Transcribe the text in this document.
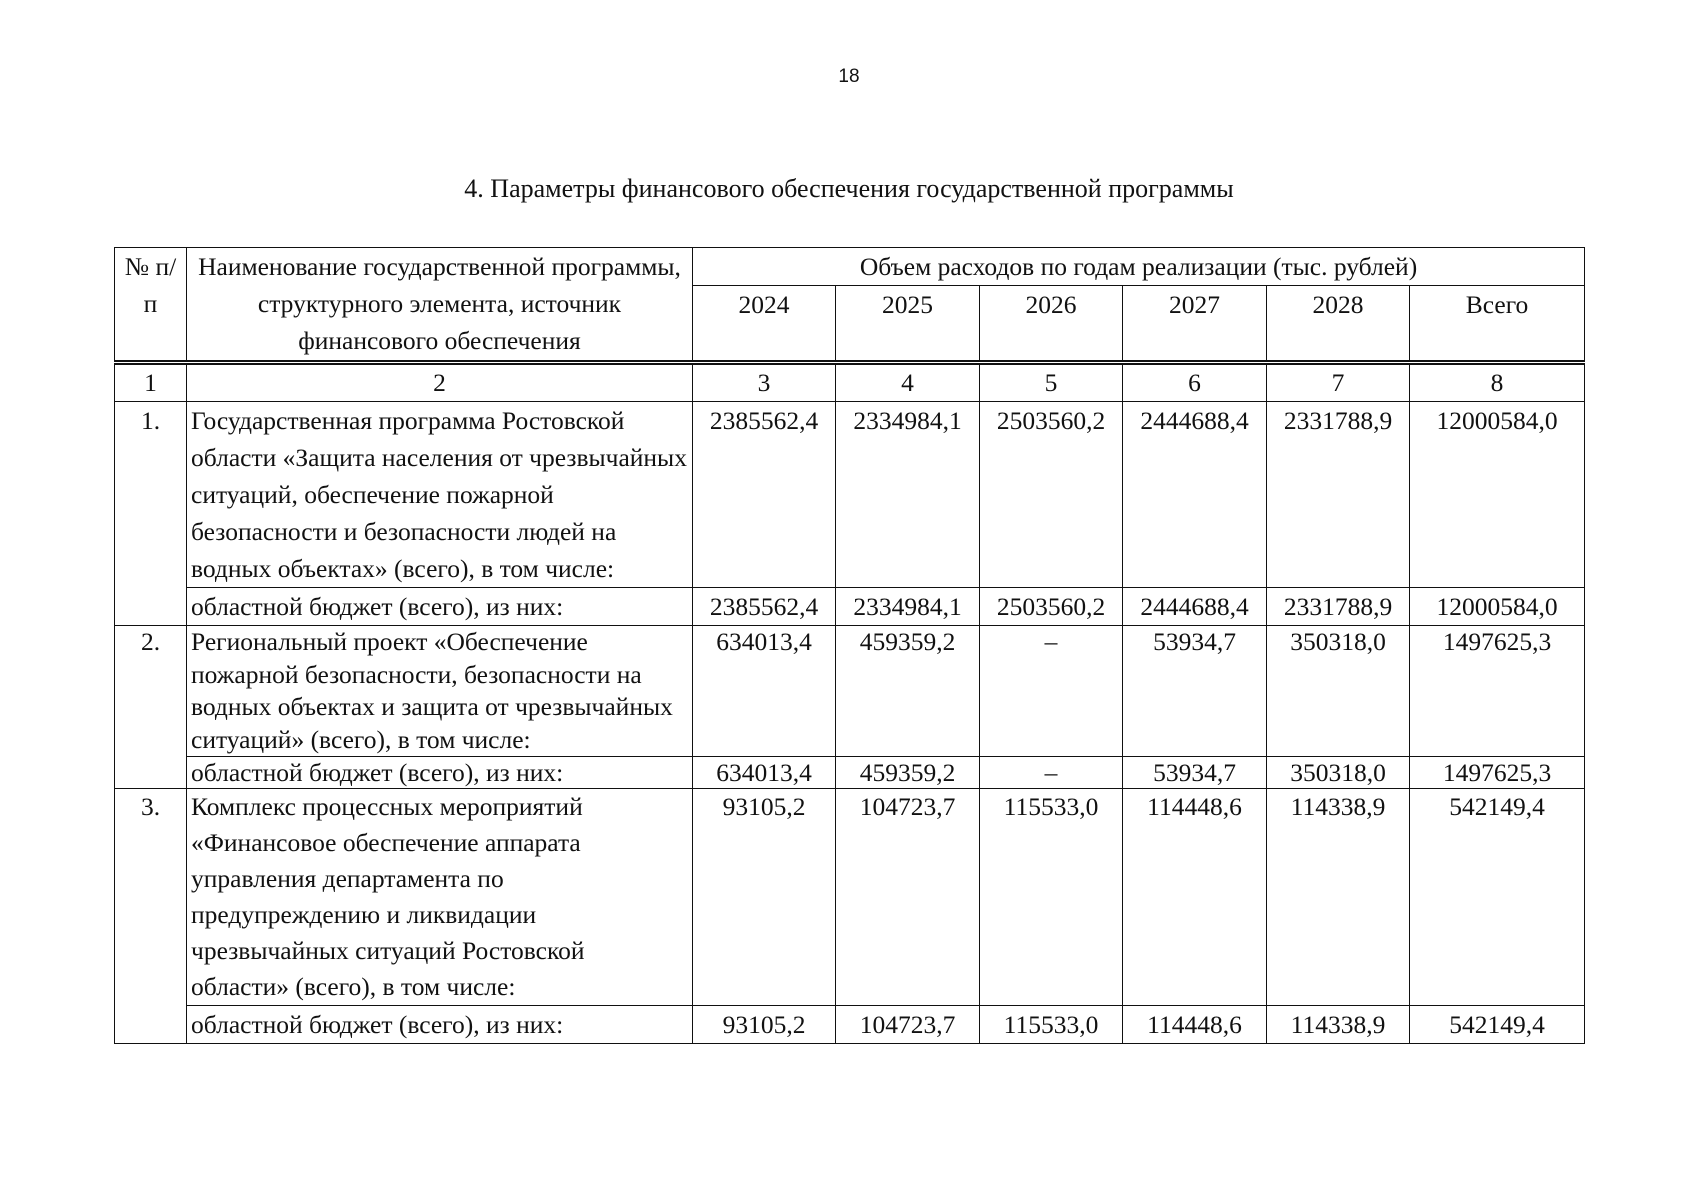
18
4. Параметры финансового обеспечения государственной программы
№ п/п	Наименование государственной программы, структурного элемента, источник финансового обеспечения	Объем расходов по годам реализации (тыс. рублей)					
		2024	2025	2026	2027	2028	Всего
1	2	3	4	5	6	7	8
1.	Государственная программа Ростовской области «Защита населения от чрезвычайных ситуаций, обеспечение пожарной безопасности и безопасности людей на водных объектах» (всего), в том числе:	2385562,4	2334984,1	2503560,2	2444688,4	2331788,9	12000584,0
	областной бюджет (всего), из них:	2385562,4	2334984,1	2503560,2	2444688,4	2331788,9	12000584,0
2.	Региональный проект «Обеспечение пожарной безопасности, безопасности на водных объектах и защита от чрезвычайных ситуаций» (всего), в том числе:	634013,4	459359,2	–	53934,7	350318,0	1497625,3
	областной бюджет (всего), из них:	634013,4	459359,2	–	53934,7	350318,0	1497625,3
3.	Комплекс процессных мероприятий «Финансовое обеспечение аппарата управления департамента по предупреждению и ликвидации чрезвычайных ситуаций Ростовской области» (всего), в том числе:	93105,2	104723,7	115533,0	114448,6	114338,9	542149,4
	областной бюджет (всего), из них:	93105,2	104723,7	115533,0	114448,6	114338,9	542149,4
